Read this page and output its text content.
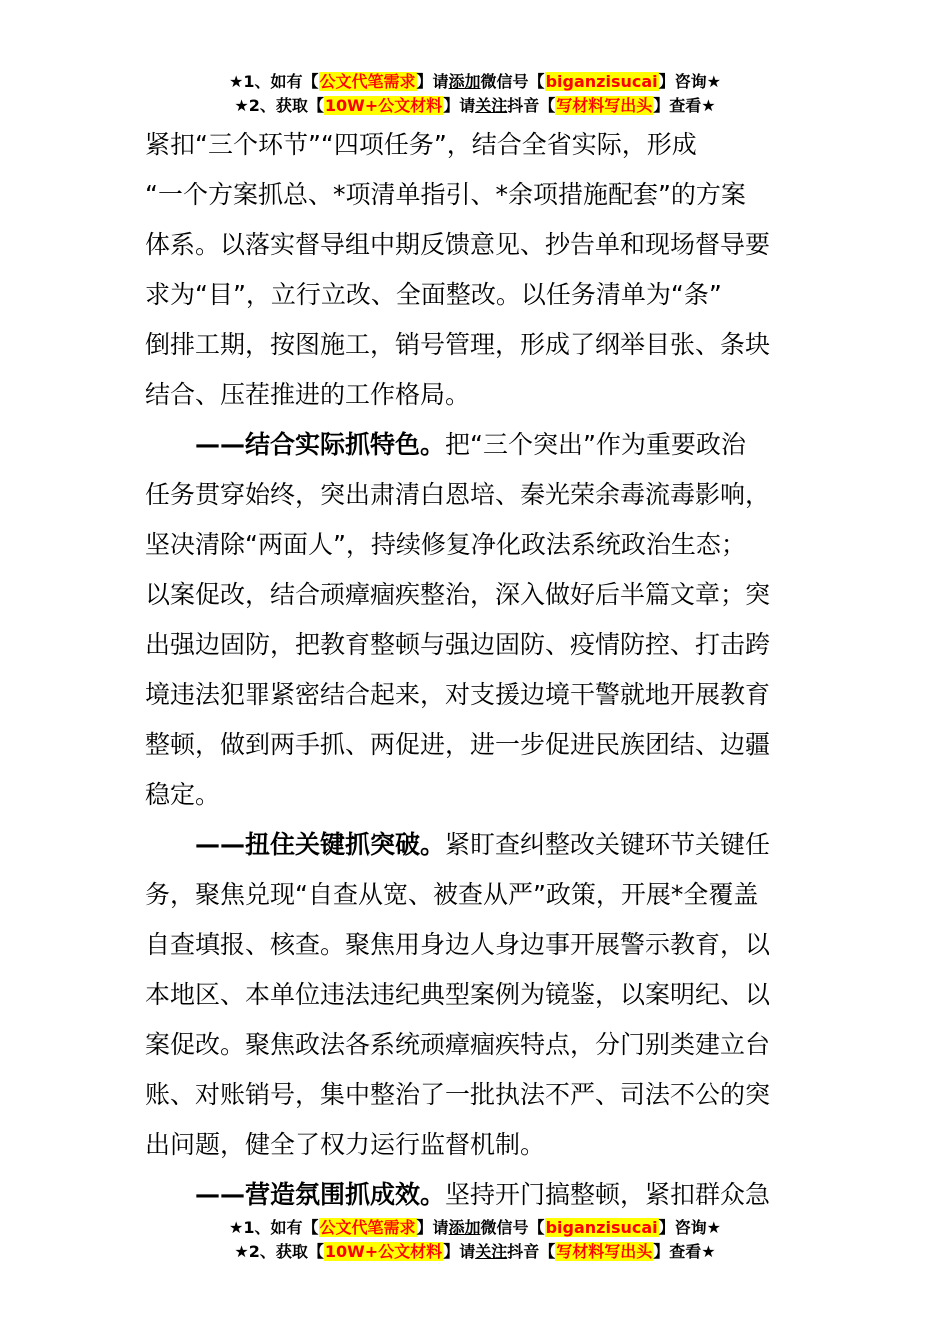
★1、如有【公文代笔需求】请添加微信号【biganzisucai】咨询★
★2、获取【10W+公文材料】请关注抖音【写材料写出头】查看★

紧扣“三个环节”“四项任务”，结合全省实际，形成

“一个方案抓总、*项清单指引、*余项措施配套”的方案

体系。以落实督导组中期反馈意见、抄告单和现场督导要

求为“目”，立行立改、全面整改。以任务清单为“条”

倒排工期，按图施工，销号管理，形成了纲举目张、条块

结合、压茬推进的工作格局。

——结合实际抓特色。把“三个突出”作为重要政治

任务贯穿始终，突出肃清白恩培、秦光荣余毒流毒影响，

坚决清除“两面人”，持续修复净化政法系统政治生态；

以案促改，结合顽瘴痼疾整治，深入做好后半篇文章；突

出强边固防，把教育整顿与强边固防、疫情防控、打击跨

境违法犯罪紧密结合起来，对支援边境干警就地开展教育

整顿，做到两手抓、两促进，进一步促进民族团结、边疆

稳定。

——扭住关键抓突破。紧盯查纠整改关键环节关键任

务，聚焦兑现“自查从宽、被查从严”政策，开展*全覆盖

自查填报、核查。聚焦用身边人身边事开展警示教育，以

本地区、本单位违法违纪典型案例为镜鉴，以案明纪、以

案促改。聚焦政法各系统顽瘴痼疾特点，分门别类建立台

账、对账销号，集中整治了一批执法不严、司法不公的突

出问题，健全了权力运行监督机制。

——营造氛围抓成效。坚持开门搞整顿，紧扣群众急

★1、如有【公文代笔需求】请添加微信号【biganzisucai】咨询★
★2、获取【10W+公文材料】请关注抖音【写材料写出头】查看★
